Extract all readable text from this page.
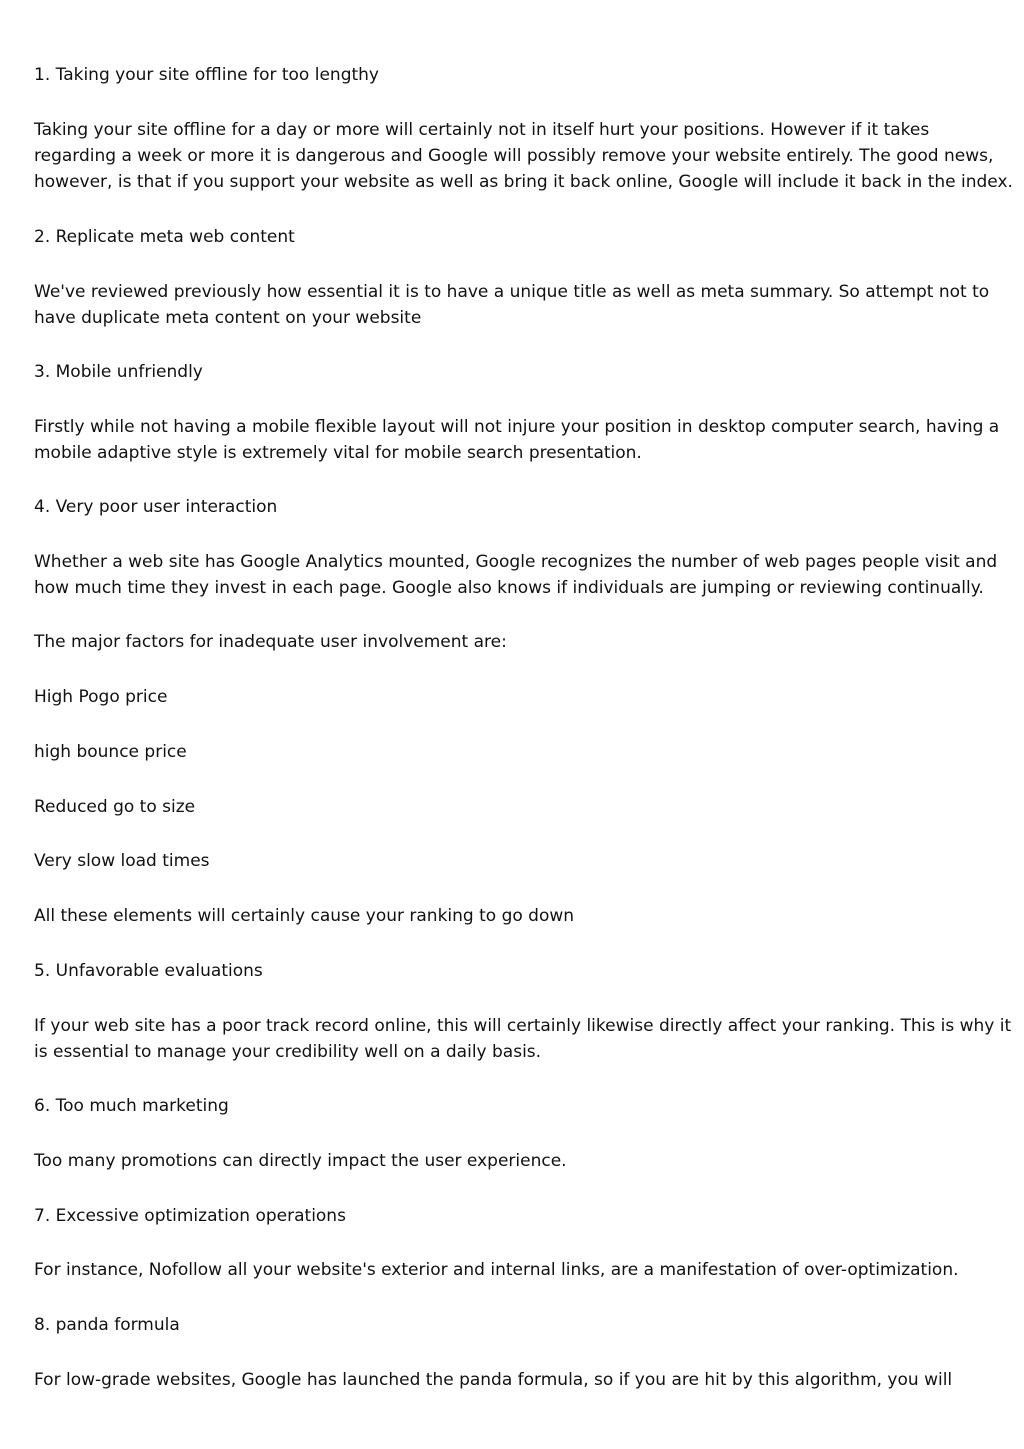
1. Taking your site offline for too lengthy

Taking your site offline for a day or more will certainly not in itself hurt your positions. However if it takes

regarding a week or more it is dangerous and Google will possibly remove your website entirely. The good news,

however, is that if you support your website as well as bring it back online, Google will include it back in the index.

2. Replicate meta web content

We've reviewed previously how essential it is to have a unique title as well as meta summary. So attempt not to

have duplicate meta content on your website

3. Mobile unfriendly

Firstly while not having a mobile flexible layout will not injure your position in desktop computer search, having a

mobile adaptive style is extremely vital for mobile search presentation.

4. Very poor user interaction

Whether a web site has Google Analytics mounted, Google recognizes the number of web pages people visit and

how much time they invest in each page. Google also knows if individuals are jumping or reviewing continually.

The major factors for inadequate user involvement are:

High Pogo price

high bounce price

Reduced go to size

Very slow load times

All these elements will certainly cause your ranking to go down

5. Unfavorable evaluations

If your web site has a poor track record online, this will certainly likewise directly affect your ranking. This is why it

is essential to manage your credibility well on a daily basis.

6. Too much marketing

Too many promotions can directly impact the user experience.

7. Excessive optimization operations

For instance, Nofollow all your website's exterior and internal links, are a manifestation of over-optimization.

8. panda formula

For low-grade websites, Google has launched the panda formula, so if you are hit by this algorithm, you will
